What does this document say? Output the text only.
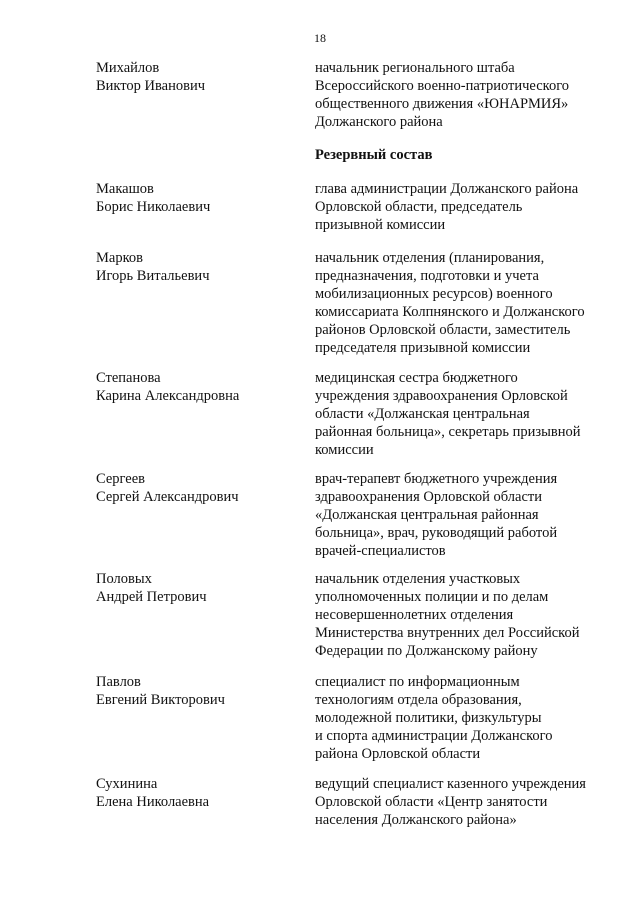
18
Михайлов
Виктор Иванович
начальник регионального штаба
Всероссийского военно-патриотического
общественного движения «ЮНАРМИЯ»
Должанского района
Резервный состав
Макашов
Борис Николаевич
глава администрации Должанского района
Орловской области, председатель
призывной комиссии
Марков
Игорь Витальевич
начальник отделения (планирования,
предназначения, подготовки и учета
мобилизационных ресурсов) военного
комиссариата Колпнянского и Должанского
районов Орловской области, заместитель
председателя призывной комиссии
Степанова
Карина Александровна
медицинская сестра бюджетного
учреждения здравоохранения Орловской
области «Должанская центральная
районная больница», секретарь призывной
комиссии
Сергеев
Сергей Александрович
врач-терапевт бюджетного учреждения
здравоохранения Орловской области
«Должанская центральная районная
больница», врач, руководящий работой
врачей-специалистов
Половых
Андрей Петрович
начальник отделения участковых
уполномоченных полиции и по делам
несовершеннолетних отделения
Министерства внутренних дел Российской
Федерации по Должанскому району
Павлов
Евгений Викторович
специалист по информационным
технологиям отдела образования,
молодежной политики, физкультуры
и спорта администрации Должанского
района Орловской области
Сухинина
Елена Николаевна
ведущий специалист казенного учреждения
Орловской области «Центр занятости
населения Должанского района»
